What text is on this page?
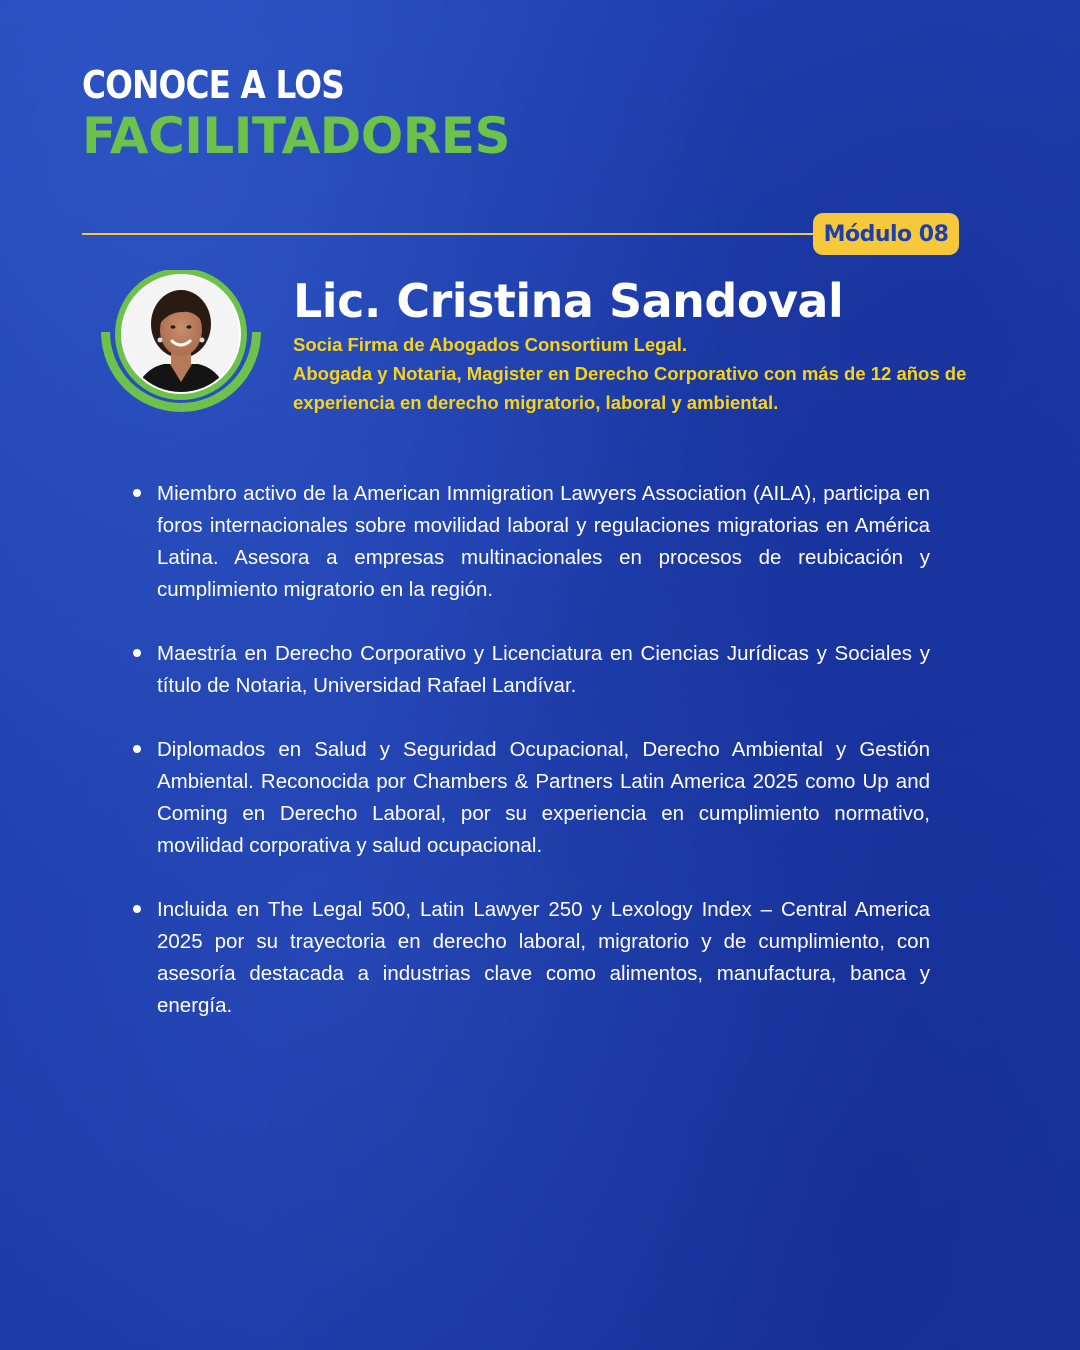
CONOCE A LOS
FACILITADORES
Módulo 08
Lic. Cristina Sandoval
Socia Firma de Abogados Consortium Legal.
Abogada y Notaria, Magister en Derecho Corporativo con más de 12 años de
experiencia en derecho migratorio, laboral y ambiental.
Miembro activo de la American Immigration Lawyers Association (AILA), participa en foros internacionales sobre movilidad laboral y regulaciones migratorias en América Latina. Asesora a empresas multinacionales en procesos de reubicación y cumplimiento migratorio en la región.
Maestría en Derecho Corporativo y Licenciatura en Ciencias Jurídicas y Sociales y título de Notaria, Universidad Rafael Landívar.
Diplomados en Salud y Seguridad Ocupacional, Derecho Ambiental y Gestión Ambiental. Reconocida por Chambers & Partners Latin America 2025 como Up and Coming en Derecho Laboral, por su experiencia en cumplimiento normativo, movilidad corporativa y salud ocupacional.
Incluida en The Legal 500, Latin Lawyer 250 y Lexology Index – Central America 2025 por su trayectoria en derecho laboral, migratorio y de cumplimiento, con asesoría destacada a industrias clave como alimentos, manufactura, banca y energía.
